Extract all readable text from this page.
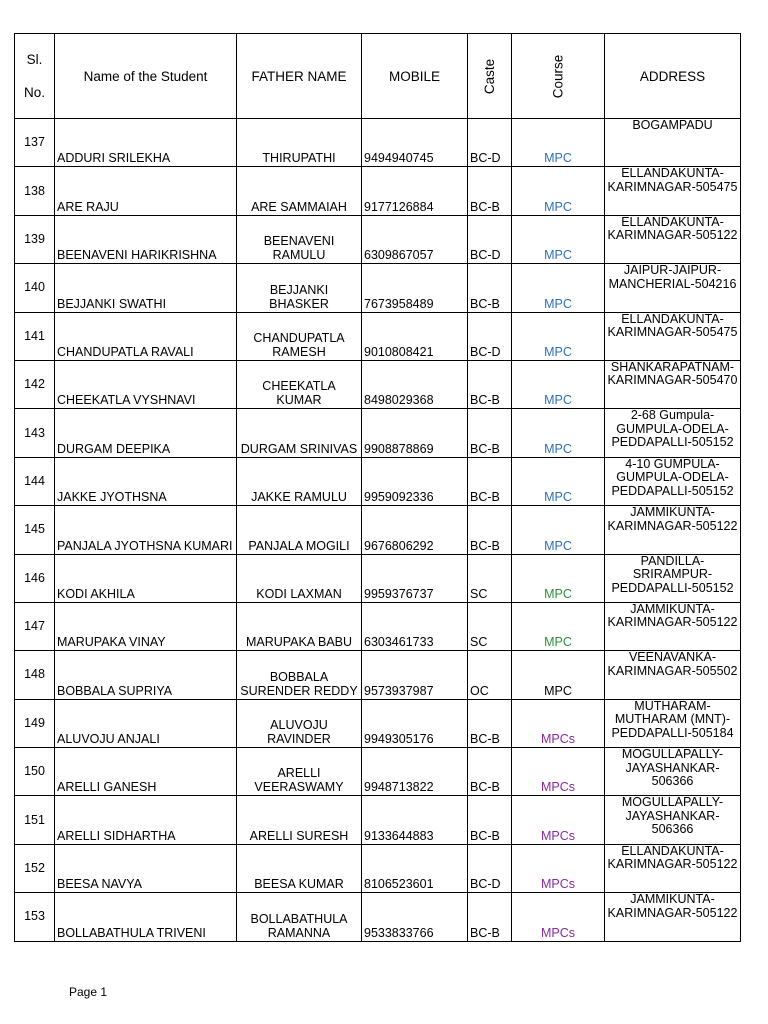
Sl.
No.	Name of the Student	FATHER NAME	MOBILE	Caste	Course	ADDRESS
137	ADDURI SRILEKHA	THIRUPATHI	9494940745	BC-D	MPC	BOGAMPADU
138	ARE RAJU	ARE SAMMAIAH	9177126884	BC-B	MPC	ELLANDAKUNTA-KARIMNAGAR-505475
139	BEENAVENI HARIKRISHNA	BEENAVENI RAMULU	6309867057	BC-D	MPC	ELLANDAKUNTA-KARIMNAGAR-505122
140	BEJJANKI SWATHI	BEJJANKI BHASKER	7673958489	BC-B	MPC	JAIPUR-JAIPUR-MANCHERIAL-504216
141	CHANDUPATLA RAVALI	CHANDUPATLA RAMESH	9010808421	BC-D	MPC	ELLANDAKUNTA-KARIMNAGAR-505475
142	CHEEKATLA VYSHNAVI	CHEEKATLA KUMAR	8498029368	BC-B	MPC	SHANKARAPATNAM-KARIMNAGAR-505470
143	DURGAM DEEPIKA	DURGAM SRINIVAS	9908878869	BC-B	MPC	2-68 Gumpula-GUMPULA-ODELA-PEDDAPALLI-505152
144	JAKKE JYOTHSNA	JAKKE RAMULU	9959092336	BC-B	MPC	4-10 GUMPULA-GUMPULA-ODELA-PEDDAPALLI-505152
145	PANJALA JYOTHSNA KUMARI	PANJALA MOGILI	9676806292	BC-B	MPC	JAMMIKUNTA-KARIMNAGAR-505122
146	KODI AKHILA	KODI LAXMAN	9959376737	SC	MPC	PANDILLA-SRIRAMPUR-PEDDAPALLI-505152
147	MARUPAKA VINAY	MARUPAKA BABU	6303461733	SC	MPC	JAMMIKUNTA-KARIMNAGAR-505122
148	BOBBALA SUPRIYA	BOBBALA SURENDER REDDY	9573937987	OC	MPC	VEENAVANKA-KARIMNAGAR-505502
149	ALUVOJU ANJALI	ALUVOJU RAVINDER	9949305176	BC-B	MPCs	MUTHARAM-MUTHARAM (MNT)-PEDDAPALLI-505184
150	ARELLI GANESH	ARELLI VEERASWAMY	9948713822	BC-B	MPCs	MOGULLAPALLY-JAYASHANKAR-506366
151	ARELLI SIDHARTHA	ARELLI SURESH	9133644883	BC-B	MPCs	MOGULLAPALLY-JAYASHANKAR-506366
152	BEESA NAVYA	BEESA KUMAR	8106523601	BC-D	MPCs	ELLANDAKUNTA-KARIMNAGAR-505122
153	BOLLABATHULA TRIVENI	BOLLABATHULA RAMANNA	9533833766	BC-B	MPCs	JAMMIKUNTA-KARIMNAGAR-505122
Page 1
